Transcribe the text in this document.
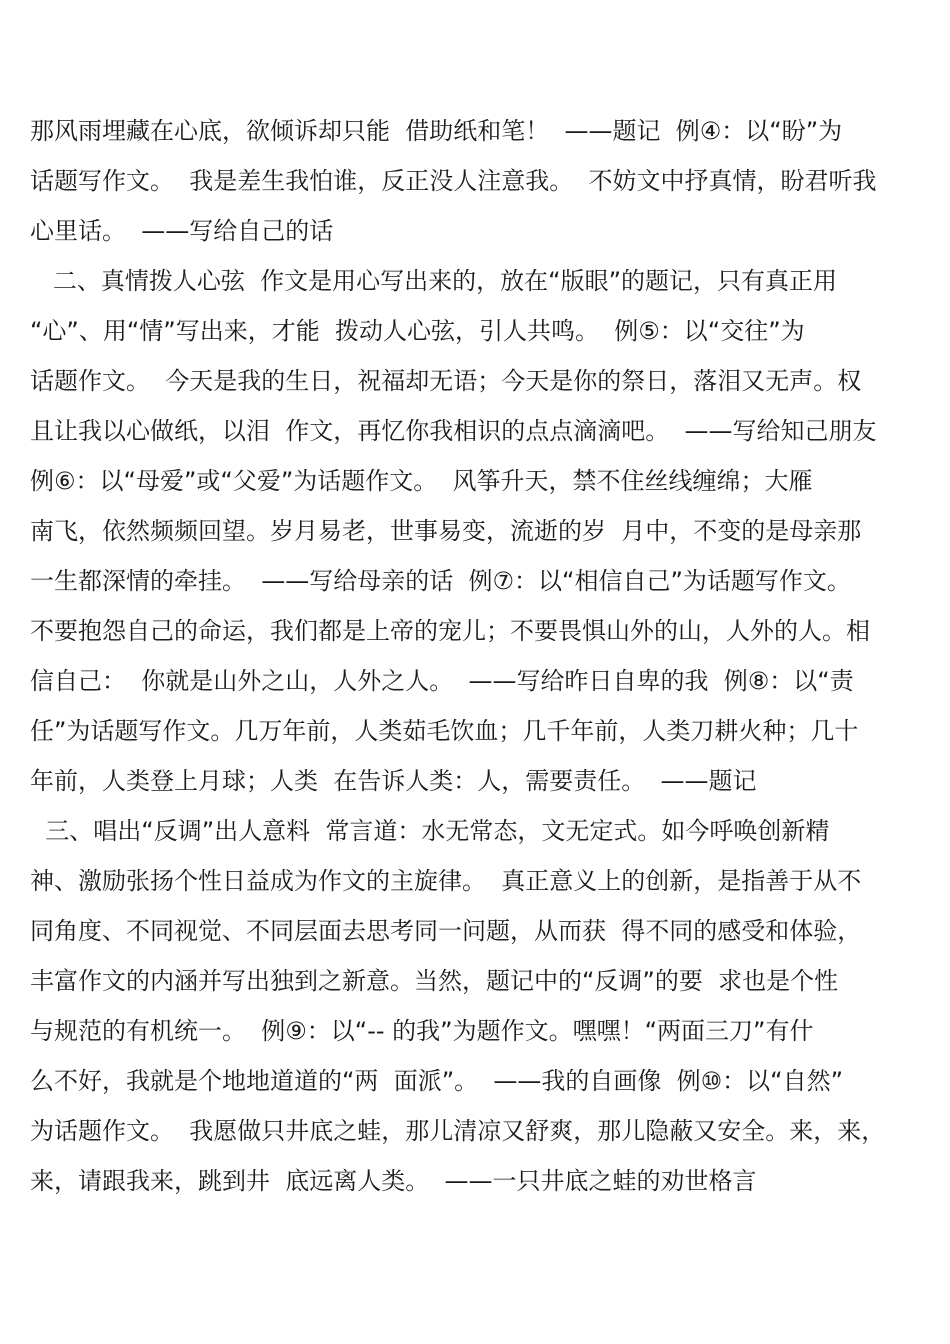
那风雨埋藏在心底，欲倾诉却只能  借助纸和笔！  ——题记  例④：以“盼”为
话题写作文。  我是差生我怕谁，反正没人注意我。  不妨文中抒真情，盼君听我
心里话。  ——写给自己的话
二、真情拨人心弦  作文是用心写出来的，放在“版眼”的题记，只有真正用
“心”、用“情”写出来，才能  拨动人心弦，引人共鸣。  例⑤：以“交往”为
话题作文。  今天是我的生日，祝福却无语；今天是你的祭日，落泪又无声。权
且让我以心做纸，以泪  作文，再忆你我相识的点点滴滴吧。  ——写给知己朋友
例⑥：以“母爱”或“父爱”为话题作文。  风筝升天，禁不住丝线缠绵；大雁
南飞，依然频频回望。岁月易老，世事易变，流逝的岁  月中，不变的是母亲那
一生都深情的牵挂。  ——写给母亲的话  例⑦：以“相信自己”为话题写作文。
不要抱怨自己的命运，我们都是上帝的宠儿；不要畏惧山外的山，人外的人。相
信自己：  你就是山外之山，人外之人。  ——写给昨日自卑的我  例⑧：以“责
任”为话题写作文。几万年前，人类茹毛饮血；几千年前，人类刀耕火种；几十
年前，人类登上月球；人类  在告诉人类：人，需要责任。  ——题记
三、唱出“反调”出人意料  常言道：水无常态，文无定式。如今呼唤创新精
神、激励张扬个性日益成为作文的主旋律。  真正意义上的创新，是指善于从不
同角度、不同视觉、不同层面去思考同一问题，从而获  得不同的感受和体验，
丰富作文的内涵并写出独到之新意。当然，题记中的“反调”的要  求也是个性
与规范的有机统一。  例⑨：以“-- 的我”为题作文。嘿嘿！“两面三刀”有什
么不好，我就是个地地道道的“两  面派”。  ——我的自画像  例⑩：以“自然”
为话题作文。  我愿做只井底之蛙，那儿清凉又舒爽，那儿隐蔽又安全。来，来，
来，请跟我来，跳到井  底远离人类。  ——一只井底之蛙的劝世格言
